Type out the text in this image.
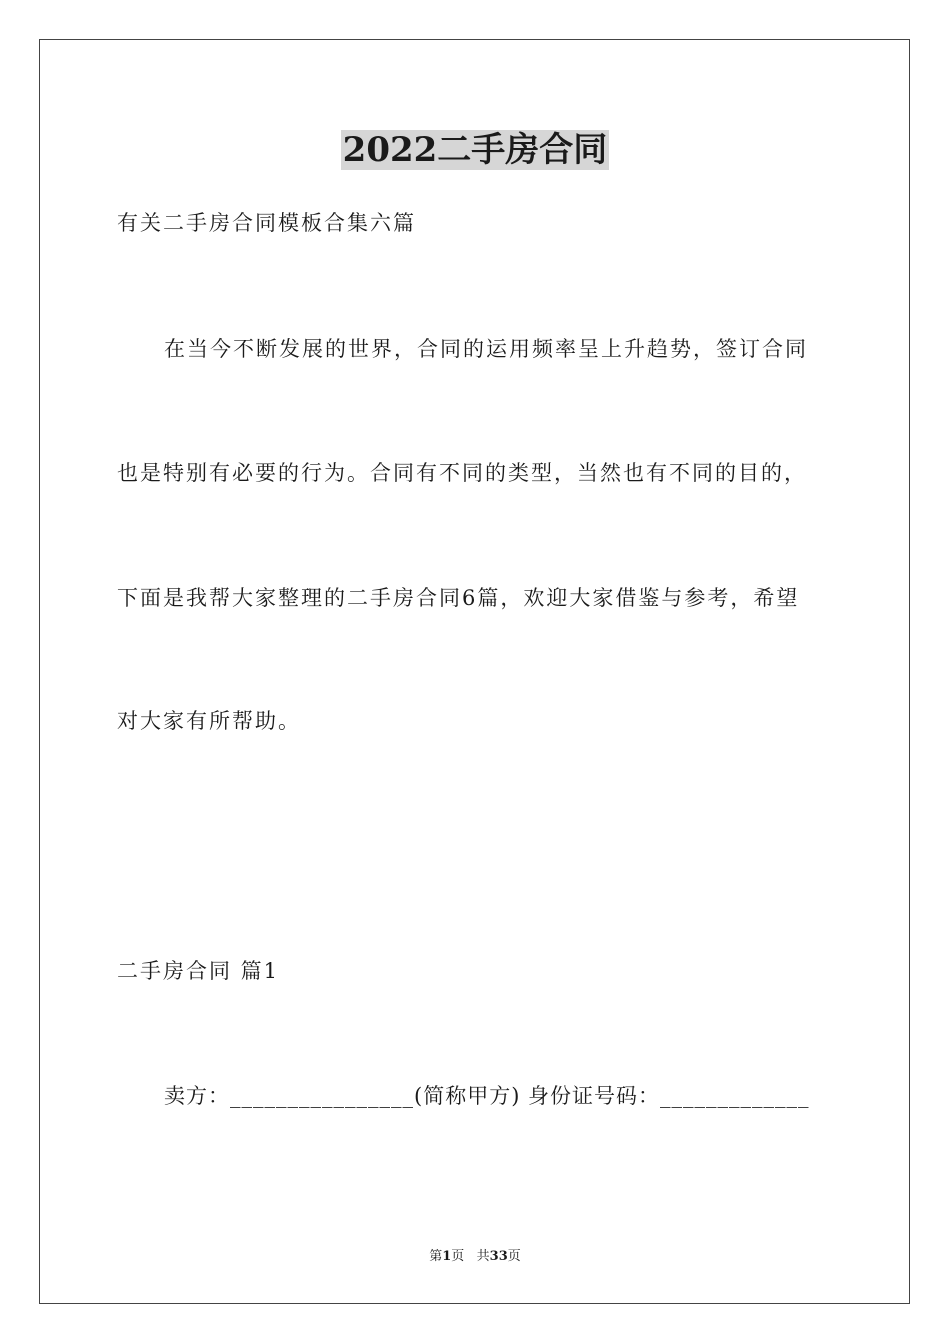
2022二手房合同
有关二手房合同模板合集六篇
在当今不断发展的世界，合同的运用频率呈上升趋势，签订合同
也是特别有必要的行为。合同有不同的类型，当然也有不同的目的，
下面是我帮大家整理的二手房合同6篇，欢迎大家借鉴与参考，希望
对大家有所帮助。
二手房合同 篇1
卖方：________________(简称甲方) 身份证号码：_____________
第1页   共33页
